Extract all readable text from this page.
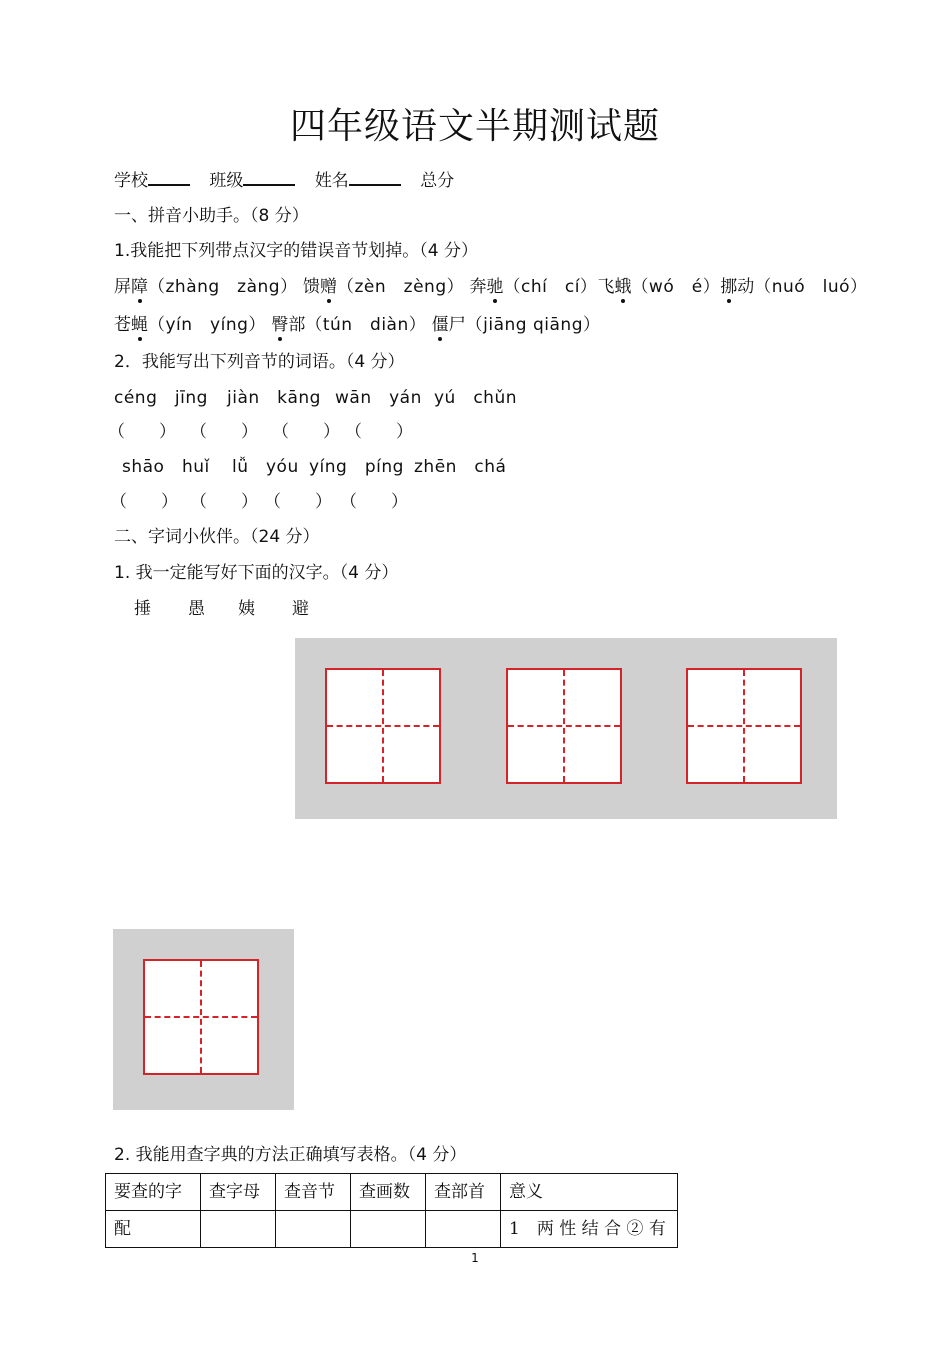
四年级语文半期测试题
学校	班级	姓名	总分
一、拼音小助手。（8 分）
1.我能把下列带点汉字的错误音节划掉。（4 分）
屏障（zhàng　zàng） 馈赠（zèn　zèng） 奔驰（chí　cí）飞蛾（wó　é）挪动（nuó　luó）
苍蝇（yín　yíng） 臀部（tún　diàn） 僵尸（jiāng qiāng）
2．我能写出下列音节的词语。（4 分）
céng　jīng jiàn　kāng wān　yán yú　chǔn
（　　） （　　） （　　） （　　）
shāo　huǐ lǚ　yóu yíng　píng zhēn　chá
（　　） （　　） （　　） （　　）
二、字词小伙伴。（24 分）
1. 我一定能写好下面的汉字。（4 分）
捶 愚 姨 避
2. 我能用查字典的方法正确填写表格。（4 分）
要查的字	查字母	查音节	查画数	查部首	意义
配					1　两 性 结 合 ② 有
1
